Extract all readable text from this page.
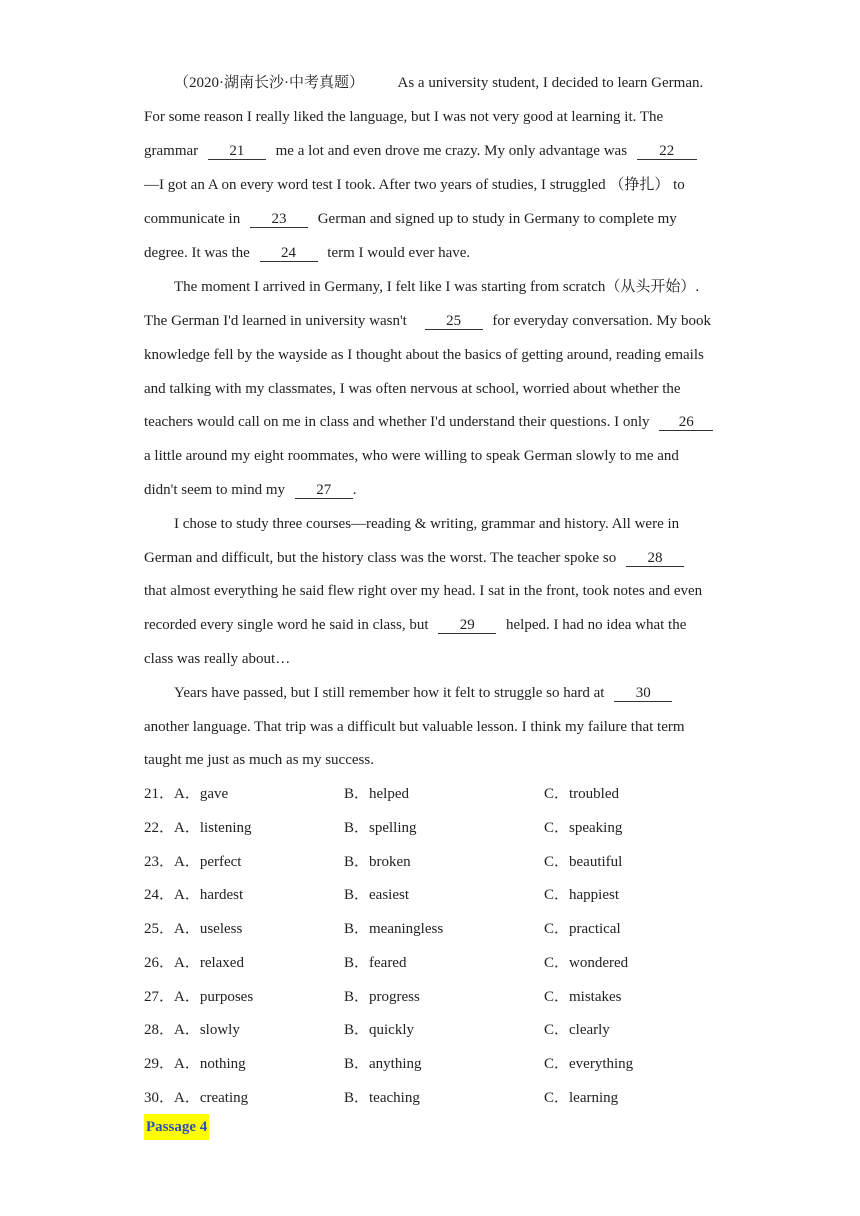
（2020·湖南长沙·中考真题） As a university student, I decided to learn German.
For some reason I really liked the language, but I was not very good at learning it. The
grammar 21 me a lot and even drove me crazy. My only advantage was 22
—I got an A on every word test I took. After two years of studies, I struggled （挣扎） to
communicate in 23 German and signed up to study in Germany to complete my
degree. It was the 24 term I would ever have.
The moment I arrived in Germany, I felt like I was starting from scratch（从头开始）.
The German I'd learned in university wasn't	25 for everyday conversation. My book
knowledge fell by the wayside as I thought about the basics of getting around, reading emails
and talking with my classmates, I was often nervous at school, worried about whether the
teachers would call on me in class and whether I'd understand their questions. I only 26
a little around my eight roommates, who were willing to speak German slowly to me and
didn't seem to mind my 27 .
I chose to study three courses—reading & writing, grammar and history. All were in
German and difficult, but the history class was the worst. The teacher spoke so 28
that almost everything he said flew right over my head. I sat in the front, took notes and even
recorded every single word he said in class, but 29 helped. I had no idea what the
class was really about…
Years have passed, but I still remember how it felt to struggle so hard at 30
another language. That trip was a difficult but valuable lesson. I think my failure that term
taught me just as much as my success.
21．A．gave	B．helped	C．troubled
22．A．listening	B．spelling	C．speaking
23．A．perfect	B．broken	C．beautiful
24．A．hardest	B．easiest	C．happiest
25．A．useless	B．meaningless	C．practical
26．A．relaxed	B．feared	C．wondered
27．A．purposes	B．progress	C．mistakes
28．A．slowly	B．quickly	C．clearly
29．A．nothing	B．anything	C．everything
30．A．creating	B．teaching	C．learning
Passage 4
